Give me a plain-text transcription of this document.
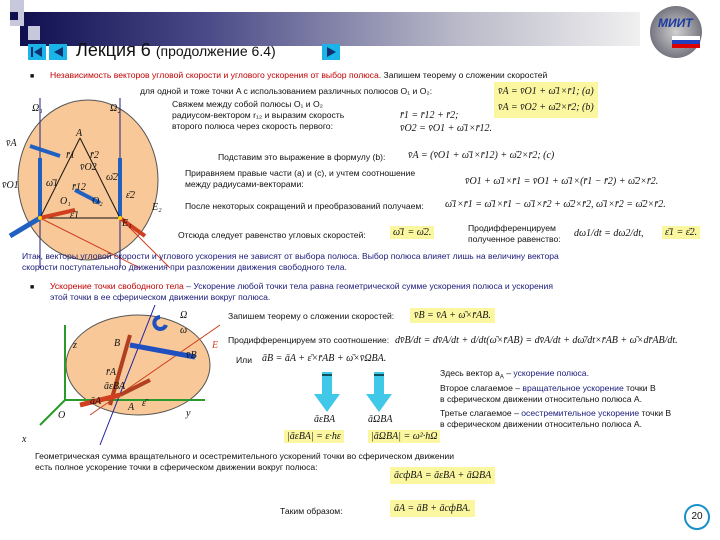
МИИТ
Лекция 6 (продолжение 6.4)
■ Независимость векторов угловой скорости и углового ускорения от выбор полюса. Запишем теорему о сложении скоростей
для одной и тоже точки A с использованием различных полюсов O₁ и O₂:	v̄A = v̄O1 + ω̄1×r̄1; (a)
v̄A = v̄O2 + ω̄2×r̄2; (b)
Ω₁	Ω₂
A
v̄A
v̄O1
r̄1 r̄2
v̄O2
ω̄1
ω̄2
r̄12
O₁ O₂
ε̄1
ε̄2
E₁
E₂
Свяжем между собой полюсы O₁ и O₂
радиусом-вектором r₁₂ и выразим скорость
второго полюса через скорость первого:
r̄1 = r̄12 + r̄2;
v̄O2 = v̄O1 + ω̄1×r̄12.
Подставим это выражение в формулу (b): v̄A = (v̄O1 + ω̄1×r̄12) + ω̄2×r̄2; (c)
Приравняем правые части (a) и (c), и учтем соотношение
между радиусами-векторами:	v̄O1 + ω̄1×r̄1 = v̄O1 + ω̄1×(r̄1 − r̄2) + ω̄2×r̄2.
После некоторых сокращений и преобразований получаем: ω̄1×r̄1 = ω̄1×r̄1 − ω̄1×r̄2 + ω̄2×r̄2, ω̄1×r̄2 = ω̄2×r̄2.
Отсюда следует равенство угловых скоростей:	ω̄1 = ω̄2.	Продифференцируем
полученное равенство: dω1/dt = dω2/dt,	ε̄1 = ε̄2.
Итак, векторы угловой скорости и углового ускорения не зависят от выбора полюса. Выбор полюса влияет лишь на величину вектора
скорости поступательного движения при разложении движения свободного тела.
■ Ускорение точки свободного тела – Ускорение любой точки тела равна геометрической сумме ускорения полюса и ускорения
этой точки в ее сферическом движении вокруг полюса.
Ω
ω
z	B	E
v̄B
r̄A
āεBA
āA
A ε̄
O	y
x
Запишем теорему о сложении скоростей:	v̄B = v̄A + ω̄×r̄AB.
Продифференцируем это соотношение: dv̄B/dt = dv̄A/dt + d/dt(ω̄×r̄AB) = dv̄A/dt + dω̄/dt×r̄AB + ω̄×dr̄AB/dt.
Или āB = āA + ε̄×r̄AB + ω̄×v̄ΩBA.
āεBA	āΩBA
|āεBA| = ε·hε	|āΩBA| = ω²·hΩ
Здесь вектор $a_A$ – ускорение полюса.
Второе слагаемое – вращательное ускорение точки B
в сферическом движении относительно полюса A.
Третье слагаемое – осестремительное ускорение точки B
в сферическом движении относительно полюса A.
Геометрическая сумма вращательного и осестремительного ускорений точки во сферическом движении
есть полное ускорение точки в сферическом движении вокруг полюса:
āсфBA = āεBA + āΩBA
Таким образом:	āA = āB + āсфBA.
20
